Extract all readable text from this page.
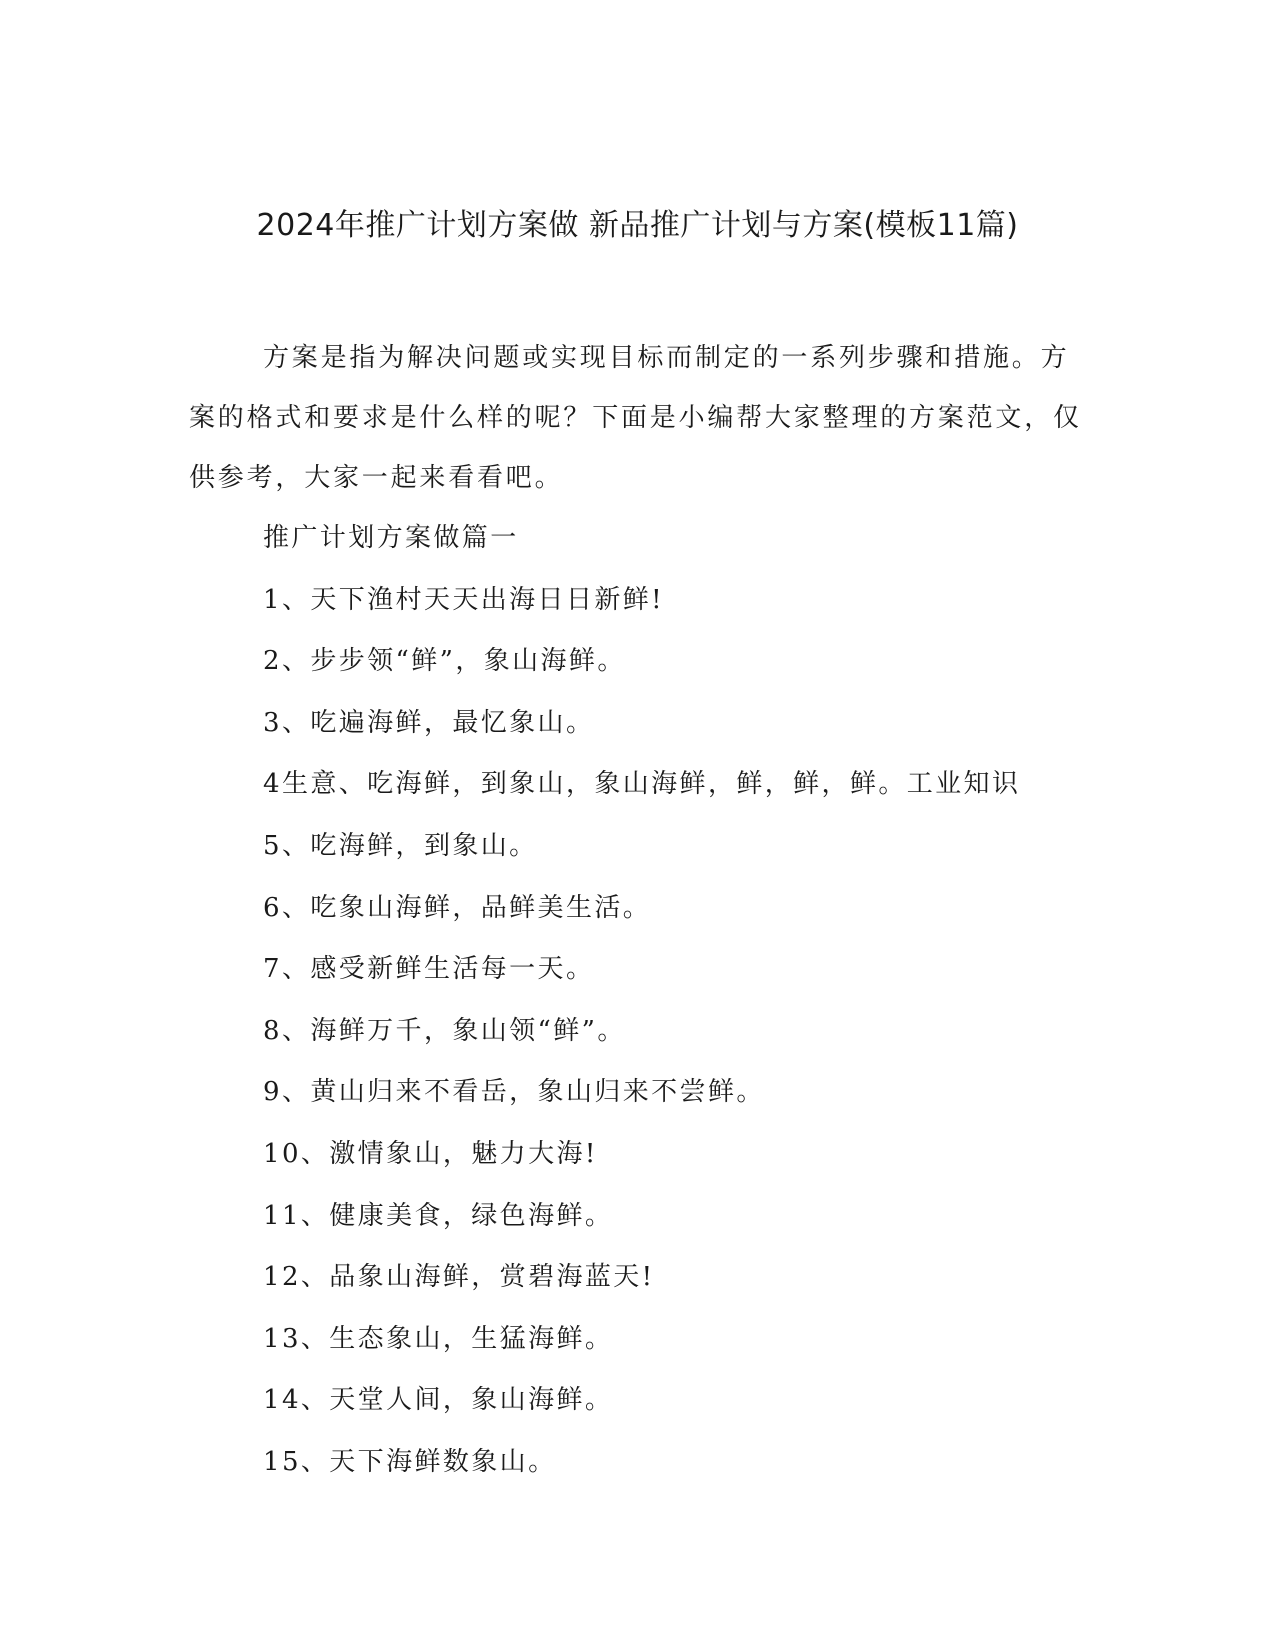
2024年推广计划方案做 新品推广计划与方案(模板11篇)

方案是指为解决问题或实现目标而制定的一系列步骤和措施。方案的格式和要求是什么样的呢？下面是小编帮大家整理的方案范文，仅供参考，大家一起来看看吧。

推广计划方案做篇一
1、天下渔村天天出海日日新鲜!
2、步步领“鲜”，象山海鲜。
3、吃遍海鲜，最忆象山。
4生意、吃海鲜，到象山，象山海鲜，鲜，鲜，鲜。工业知识
5、吃海鲜，到象山。
6、吃象山海鲜，品鲜美生活。
7、感受新鲜生活每一天。
8、海鲜万千，象山领“鲜”。
9、黄山归来不看岳，象山归来不尝鲜。
10、激情象山，魅力大海!
11、健康美食，绿色海鲜。
12、品象山海鲜，赏碧海蓝天!
13、生态象山，生猛海鲜。
14、天堂人间，象山海鲜。
15、天下海鲜数象山。
